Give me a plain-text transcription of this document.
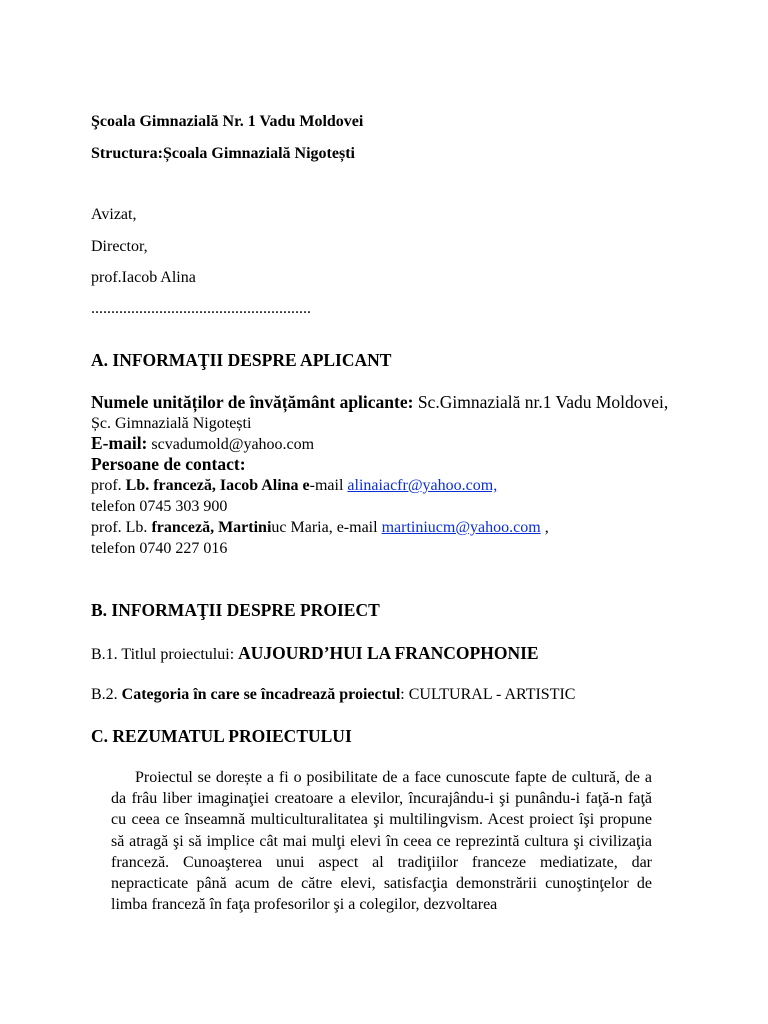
Şcoala Gimnazială Nr. 1 Vadu Moldovei
Structura:Școala Gimnazială Nigotești
Avizat,
Director,
prof.Iacob Alina
.......................................................
A. INFORMAŢII DESPRE APLICANT
Numele unităților de învățământ aplicante: Sc.Gimnazială nr.1 Vadu Moldovei,
Șc. Gimnazială Nigotești
E-mail: scvadumold@yahoo.com
Persoane de contact:
prof. Lb. franceză, Iacob Alina e-mail alinaiacfr@yahoo.com,
telefon 0745 303 900
prof. Lb. franceză, Martiniuc Maria, e-mail martiniucm@yahoo.com ,
telefon 0740 227 016
B. INFORMAŢII DESPRE PROIECT
B.1. Titlul proiectului: AUJOURD’HUI LA FRANCOPHONIE
B.2. Categoria în care se încadrează proiectul: CULTURAL - ARTISTIC
C. REZUMATUL PROIECTULUI
Proiectul se dorește a fi o posibilitate de a face cunoscute fapte de cultură, de a da frâu liber imaginaţiei creatoare a elevilor, încurajându-i şi punându-i faţă-n faţă cu ceea ce înseamnă multiculturalitatea şi multilingvism. Acest proiect îşi propune să atragă şi să implice cât mai mulţi elevi în ceea ce reprezintă cultura şi civilizaţia franceză. Cunoaşterea unui aspect al tradiţiilor franceze mediatizate, dar nepracticate până acum de către elevi, satisfacţia demonstrării cunoştinţelor de limba franceză în faţa profesorilor şi a colegilor, dezvoltarea
